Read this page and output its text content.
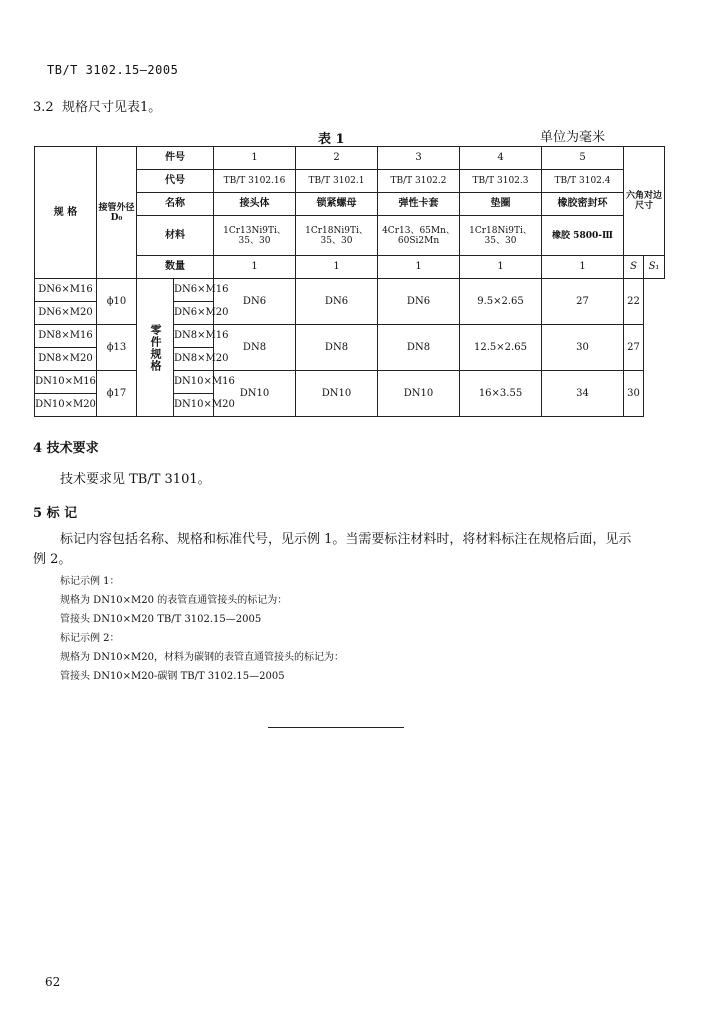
TB/T 3102.15—2005
3.2 规格尺寸见表1。
表 1	单位为毫米
规 格	接管外径 D₀	件号		1	2	3	4	5	六角对边尺寸	
		代号		TB/T 3102.16	TB/T 3102.1	TB/T 3102.2	TB/T 3102.3	TB/T 3102.4		
		名称		接头体	锁紧螺母	弹性卡套	垫圈	橡胶密封环		
		材料		1Cr13Ni9Ti、35、30	1Cr18Ni9Ti、35、30	4Cr13、65Mn、60Si2Mn	1Cr18Ni9Ti、35、30	橡胶 5800-Ⅲ		
		数量		1	1	1	1	1	S	S₁
DN6×M16	ϕ10	零件规格	DN6×M16	DN6	DN6	DN6	9.5×2.65	27	22	
DN6×M20			DN6×M20							
DN8×M16	ϕ13		DN8×M16	DN8	DN8	DN8	12.5×2.65	30	27	
DN8×M20			DN8×M20							
DN10×M16	ϕ17		DN10×M16	DN10	DN10	DN10	16×3.55	34	30	
DN10×M20			DN10×M20							
4 技术要求
技术要求见 TB/T 3101。
5 标 记
标记内容包括名称、规格和标准代号，见示例 1。当需要标注材料时，将材料标注在规格后面，见示例 2。
标记示例 1：
规格为 DN10×M20 的表管直通管接头的标记为：
管接头 DN10×M20 TB/T 3102.15—2005
标记示例 2：
规格为 DN10×M20，材料为碳钢的表管直通管接头的标记为：
管接头 DN10×M20-碳钢 TB/T 3102.15—2005
62
